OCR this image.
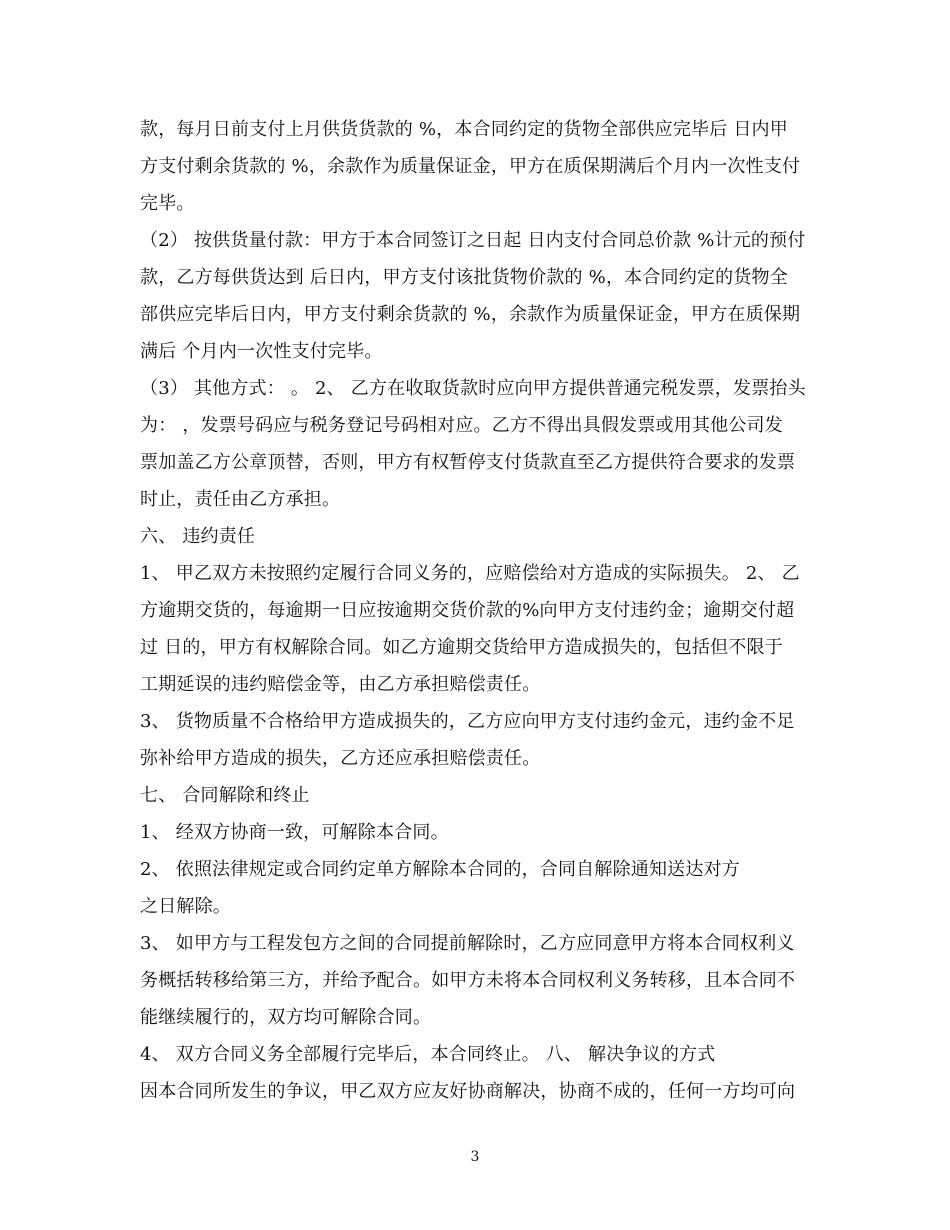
款，每月日前支付上月供货货款的 %，本合同约定的货物全部供应完毕后 日内甲
方支付剩余货款的 %，余款作为质量保证金，甲方在质保期满后个月内一次性支付
完毕。
（2） 按供货量付款：甲方于本合同签订之日起 日内支付合同总价款 %计元的预付
款，乙方每供货达到 后日内，甲方支付该批货物价款的 %，本合同约定的货物全
部供应完毕后日内，甲方支付剩余货款的 %，余款作为质量保证金，甲方在质保期
满后 个月内一次性支付完毕。
（3） 其他方式： 。 2、 乙方在收取货款时应向甲方提供普通完税发票，发票抬头
为： ，发票号码应与税务登记号码相对应。乙方不得出具假发票或用其他公司发
票加盖乙方公章顶替，否则，甲方有权暂停支付货款直至乙方提供符合要求的发票
时止，责任由乙方承担。
六、 违约责任
1、 甲乙双方未按照约定履行合同义务的，应赔偿给对方造成的实际损失。 2、 乙
方逾期交货的，每逾期一日应按逾期交货价款的%向甲方支付违约金；逾期交付超
过 日的，甲方有权解除合同。如乙方逾期交货给甲方造成损失的，包括但不限于
工期延误的违约赔偿金等，由乙方承担赔偿责任。
3、 货物质量不合格给甲方造成损失的，乙方应向甲方支付违约金元，违约金不足
弥补给甲方造成的损失，乙方还应承担赔偿责任。
七、 合同解除和终止
1、 经双方协商一致，可解除本合同。
2、 依照法律规定或合同约定单方解除本合同的，合同自解除通知送达对方
之日解除。
3、 如甲方与工程发包方之间的合同提前解除时，乙方应同意甲方将本合同权利义
务概括转移给第三方，并给予配合。如甲方未将本合同权利义务转移，且本合同不
能继续履行的，双方均可解除合同。
4、 双方合同义务全部履行完毕后，本合同终止。 八、 解决争议的方式
因本合同所发生的争议，甲乙双方应友好协商解决，协商不成的，任何一方均可向
3
